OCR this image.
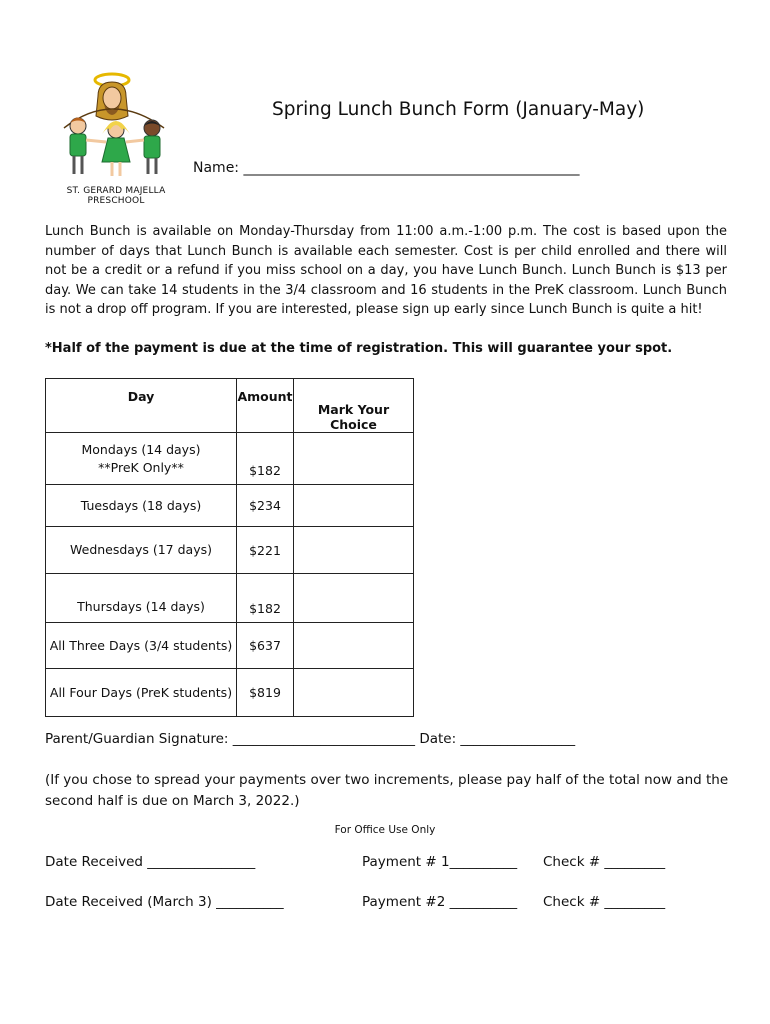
ST. GERARD MAJELLA PRESCHOOL
Spring Lunch Bunch Form (January-May)
Name: ________________________________________________
Lunch Bunch is available on Monday-Thursday from 11:00 a.m.-1:00 p.m. The cost is based upon the number of days that Lunch Bunch is available each semester. Cost is per child enrolled and there will not be a credit or a refund if you miss school on a day, you have Lunch Bunch. Lunch Bunch is $13 per day. We can take 14 students in the 3/4 classroom and 16 students in the PreK classroom. Lunch Bunch is not a drop off program. If you are interested, please sign up early since Lunch Bunch is quite a hit!
*Half of the payment is due at the time of registration. This will guarantee your spot.
Day	Amount	Mark Your Choice

Mondays (14 days)
**PreK Only**	$182	
Tuesdays (18 days)	$234	
Wednesdays (17 days)	$221	
Thursdays (14 days)	$182	
All Three Days (3/4 students)	$637	
All Four Days (PreK students)	$819	
Parent/Guardian Signature: ___________________________ Date: _________________
(If you chose to spread your payments over two increments, please pay half of the total now and the second half is due on March 3, 2022.)
For Office Use Only
Date Received ________________	Payment # 1__________ Check # _________
Date Received (March 3) __________	Payment #2 __________ Check # _________
